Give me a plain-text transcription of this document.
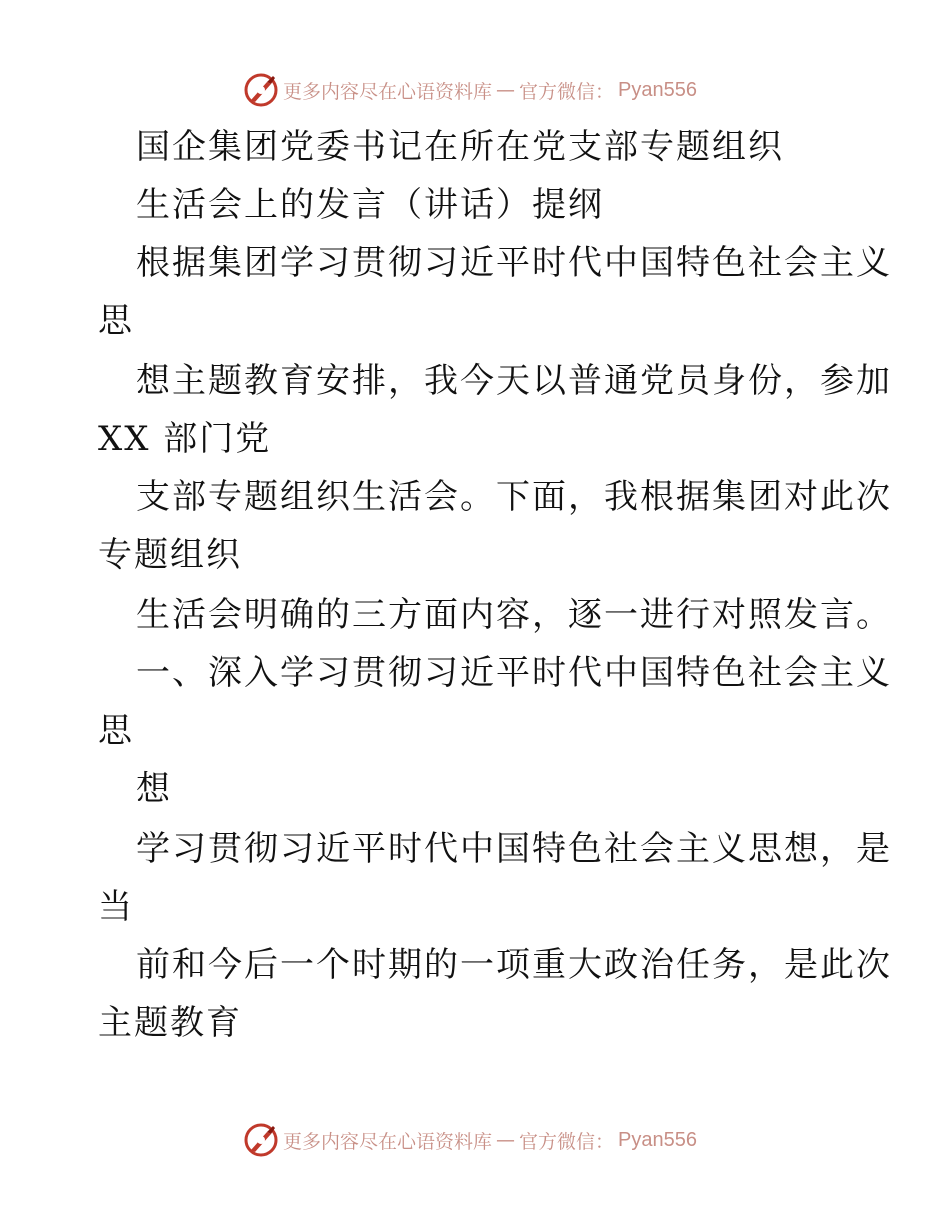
更多内容尽在心语资料库 — 官方微信： Pyan556
国企集团党委书记在所在党支部专题组织
生活会上的发言（讲话）提纲
根据集团学习贯彻习近平时代中国特色社会主义
思
想主题教育安排，我今天以普通党员身份，参加
XX 部门党
支部专题组织生活会。下面，我根据集团对此次
专题组织
生活会明确的三方面内容，逐一进行对照发言。
一、深入学习贯彻习近平时代中国特色社会主义
思
想
学习贯彻习近平时代中国特色社会主义思想，是
当
前和今后一个时期的一项重大政治任务，是此次
主题教育
更多内容尽在心语资料库 — 官方微信： Pyan556
